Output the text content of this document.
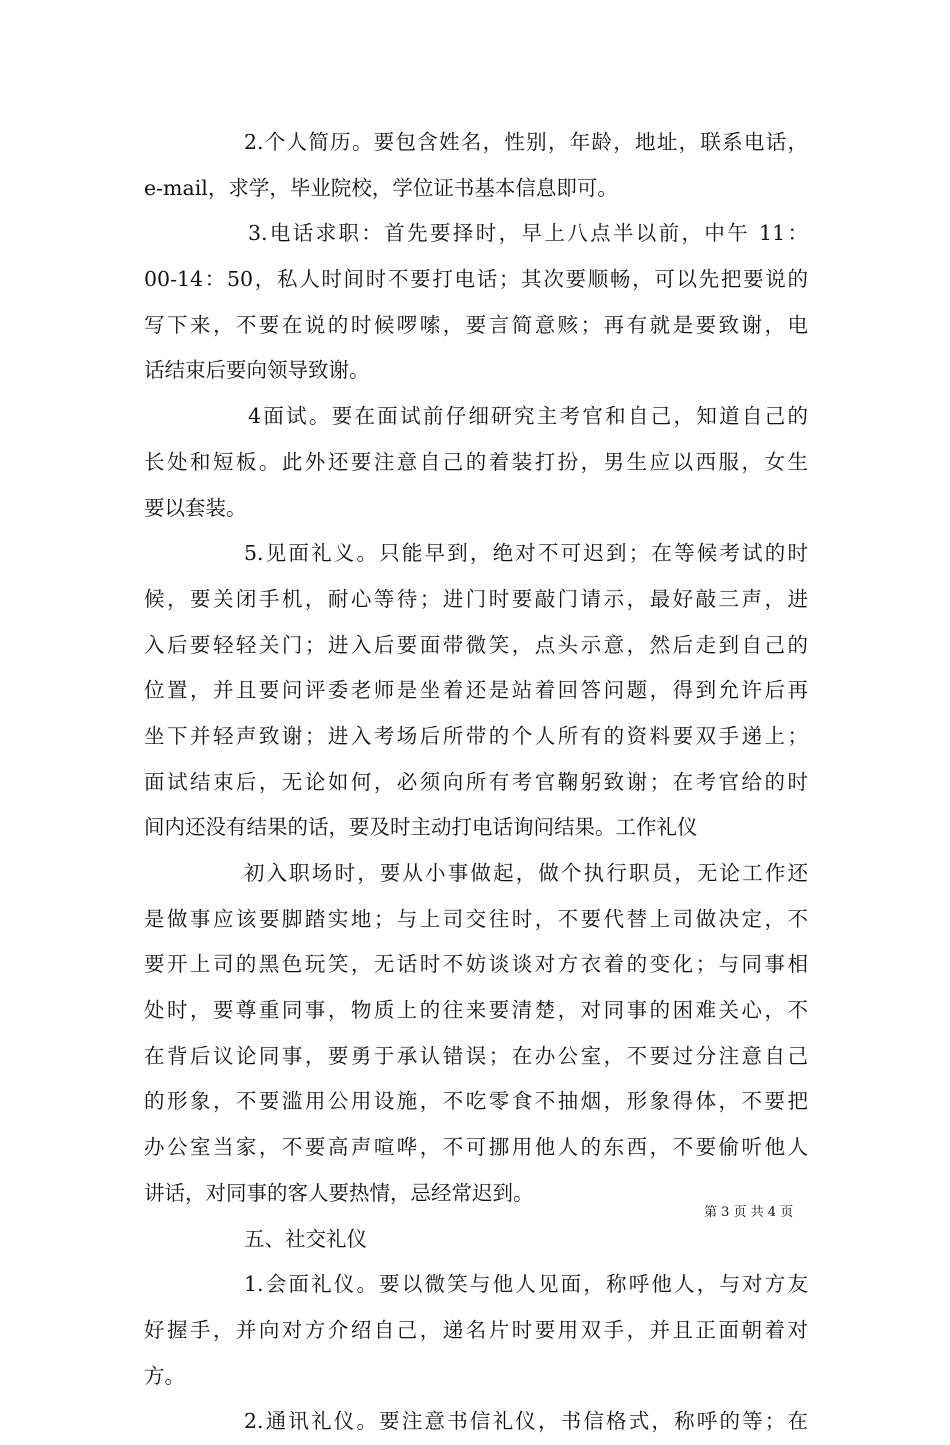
2.个人简历。要包含姓名，性别，年龄，地址，联系电话，
e-mail，求学，毕业院校，学位证书基本信息即可。
3.电话求职：首先要择时，早上八点半以前，中午 11：
00-14：50，私人时间时不要打电话；其次要顺畅，可以先把要说的
写下来，不要在说的时候啰嗦，要言简意赅；再有就是要致谢，电
话结束后要向领导致谢。
4面试。要在面试前仔细研究主考官和自己，知道自己的
长处和短板。此外还要注意自己的着装打扮，男生应以西服，女生
要以套装。
5.见面礼义。只能早到，绝对不可迟到；在等候考试的时
候，要关闭手机，耐心等待；进门时要敲门请示，最好敲三声，进
入后要轻轻关门；进入后要面带微笑，点头示意，然后走到自己的
位置，并且要问评委老师是坐着还是站着回答问题，得到允许后再
坐下并轻声致谢；进入考场后所带的个人所有的资料要双手递上；
面试结束后，无论如何，必须向所有考官鞠躬致谢；在考官给的时
间内还没有结果的话，要及时主动打电话询问结果。工作礼仪
初入职场时，要从小事做起，做个执行职员，无论工作还
是做事应该要脚踏实地；与上司交往时，不要代替上司做决定，不
要开上司的黑色玩笑，无话时不妨谈谈对方衣着的变化；与同事相
处时，要尊重同事，物质上的往来要清楚，对同事的困难关心，不
在背后议论同事，要勇于承认错误；在办公室，不要过分注意自己
的形象，不要滥用公用设施，不吃零食不抽烟，形象得体，不要把
办公室当家，不要高声喧哗，不可挪用他人的东西，不要偷听他人
讲话，对同事的客人要热情，忌经常迟到。
五、社交礼仪
1.会面礼仪。要以微笑与他人见面，称呼他人，与对方友
好握手，并向对方介绍自己，递名片时要用双手，并且正面朝着对
方。
2.通讯礼仪。要注意书信礼仪，书信格式，称呼的等；在
第 3 页 共 4 页
